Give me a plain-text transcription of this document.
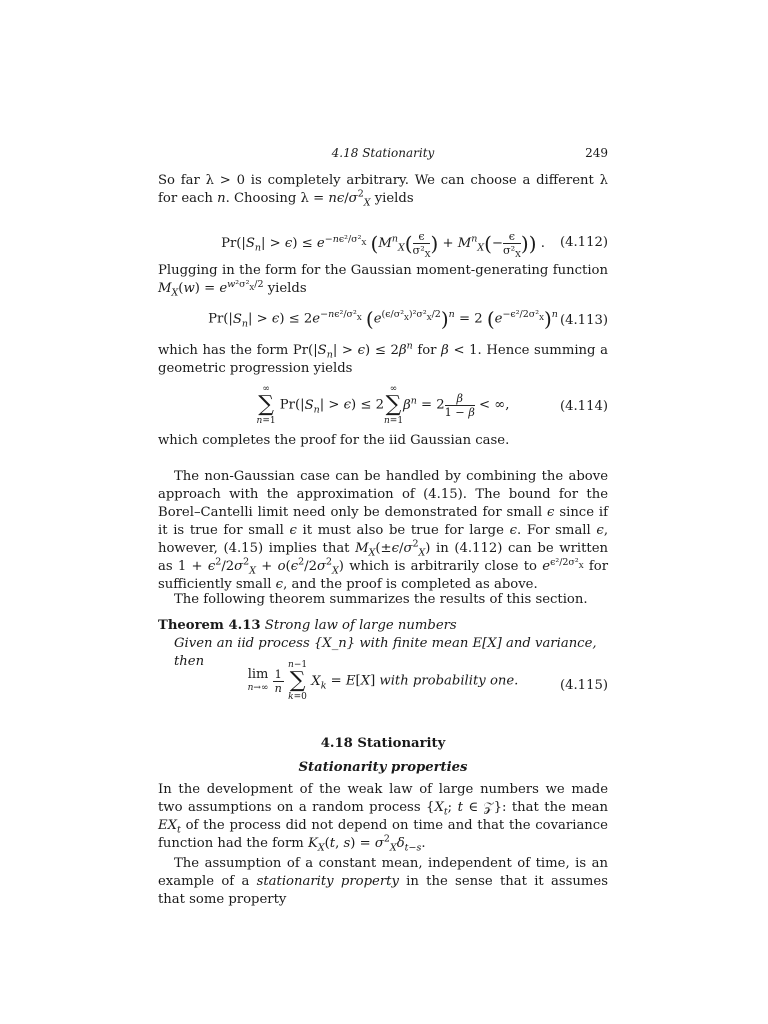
4.18 Stationarity	249
So far λ > 0 is completely arbitrary. We can choose a different λ for each n. Choosing $\lambda = n\epsilon/\sigma^2_X$ yields
$Pr(|S_n| > \epsilon) \le e^{-n\epsilon^2/\sigma^2_X}$ ($M^n_X( \frac{\epsilon}{\sigma^2_X}$ ) + $M^n_X(- \frac{\epsilon}{\sigma^2_X}$ )) .	(4.112)
Plugging in the form for the Gaussian moment-generating function $M_X(w) = e^{w^2\sigma^2_X/2}$ yields
$Pr(|S_n| > \epsilon) \le 2e^{-n\epsilon^2/\sigma^2_X}$ $(e^{(\epsilon/\sigma^2_X)^2\sigma^2_X/2})^n = 2$ $(e^{-\epsilon^2/2\sigma^2_X})^n$ (4.113)
which has the form $Pr(|S_n| > \epsilon) \le 2\beta^n$ for β < 1. Hence summing a geometric progression yields
∞
∑
n=1
$Pr(|S_n| > \epsilon) \le 2$
∞
∑
n=1
$\beta^n = 2 \frac{\beta}{1 - \beta}$ < ∞,	(4.114)
which completes the proof for the iid Gaussian case.
The non-Gaussian case can be handled by combining the above approach with the approximation of (4.15). The bound for the Borel–Cantelli limit need only be demonstrated for small ϵ since if it is true for small ϵ it must also be true for large ϵ. For small ϵ, however, (4.15) implies that $M_X(\pm\epsilon/\sigma^2_X)$ in (4.112) can be written as $1 + \epsilon^2/2\sigma^2_X + o(\epsilon^2/2\sigma^2_X)$ which is arbitrarily close to $e^{\epsilon^2/2\sigma^2_X}$ for sufficiently small ϵ, and the proof is completed as above.
The following theorem summarizes the results of this section.
Theorem 4.13 Strong law of large numbers
Given an iid process {X_n} with finite mean E[X] and variance, then
lim
n→∞
$\frac{1}{n}$

n−1
∑
k=0
$X_k = E[X]$ with probability one.	(4.115)
4.18 Stationarity
Stationarity properties
In the development of the weak law of large numbers we made two assumptions on a random process {$X_t$; t ∈ 𝒵}: that the mean $EX_t$ of the process did not depend on time and that the covariance function had the form $K_X(t$, $s) = \sigma^2_X\delta_{t-s}$.
The assumption of a constant mean, independent of time, is an example of a stationarity property in the sense that it assumes that some property
